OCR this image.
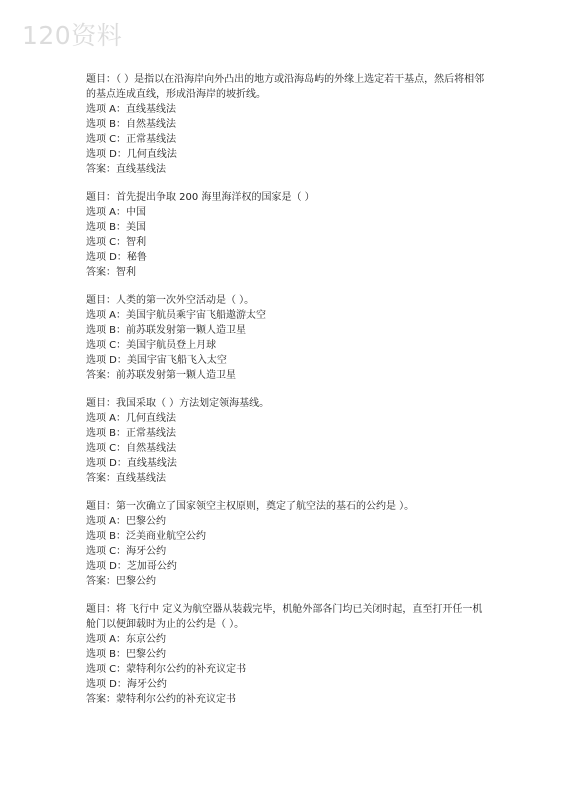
120资料
题目：（ ）是指以在沿海岸向外凸出的地方或沿海岛屿的外缘上选定若干基点，然后将相邻的基点连成直线，形成沿海岸的坡折线。
选项 A：直线基线法
选项 B：自然基线法
选项 C：正常基线法
选项 D：几何直线法
答案：直线基线法
题目：首先提出争取 200 海里海洋权的国家是（ ）
选项 A：中国
选项 B：美国
选项 C：智利
选项 D：秘鲁
答案：智利
题目：人类的第一次外空活动是（ ）。
选项 A：美国宇航员乘宇宙飞船遨游太空
选项 B：前苏联发射第一颗人造卫星
选项 C：美国宇航员登上月球
选项 D：美国宇宙飞船飞入太空
答案：前苏联发射第一颗人造卫星
题目：我国采取（ ）方法划定领海基线。
选项 A：几何直线法
选项 B：正常基线法
选项 C：自然基线法
选项 D：直线基线法
答案：直线基线法
题目：第一次确立了国家领空主权原则，奠定了航空法的基石的公约是 ）。
选项 A：巴黎公约
选项 B：泛美商业航空公约
选项 C：海牙公约
选项 D：芝加哥公约
答案：巴黎公约
题目：将 飞行中 定义为航空器从装载完毕，机舱外部各门均已关闭时起，直至打开任一机舱门以便卸载时为止的公约是（ ）。
选项 A：东京公约
选项 B：巴黎公约
选项 C：蒙特利尔公约的补充议定书
选项 D：海牙公约
答案：蒙特利尔公约的补充议定书
